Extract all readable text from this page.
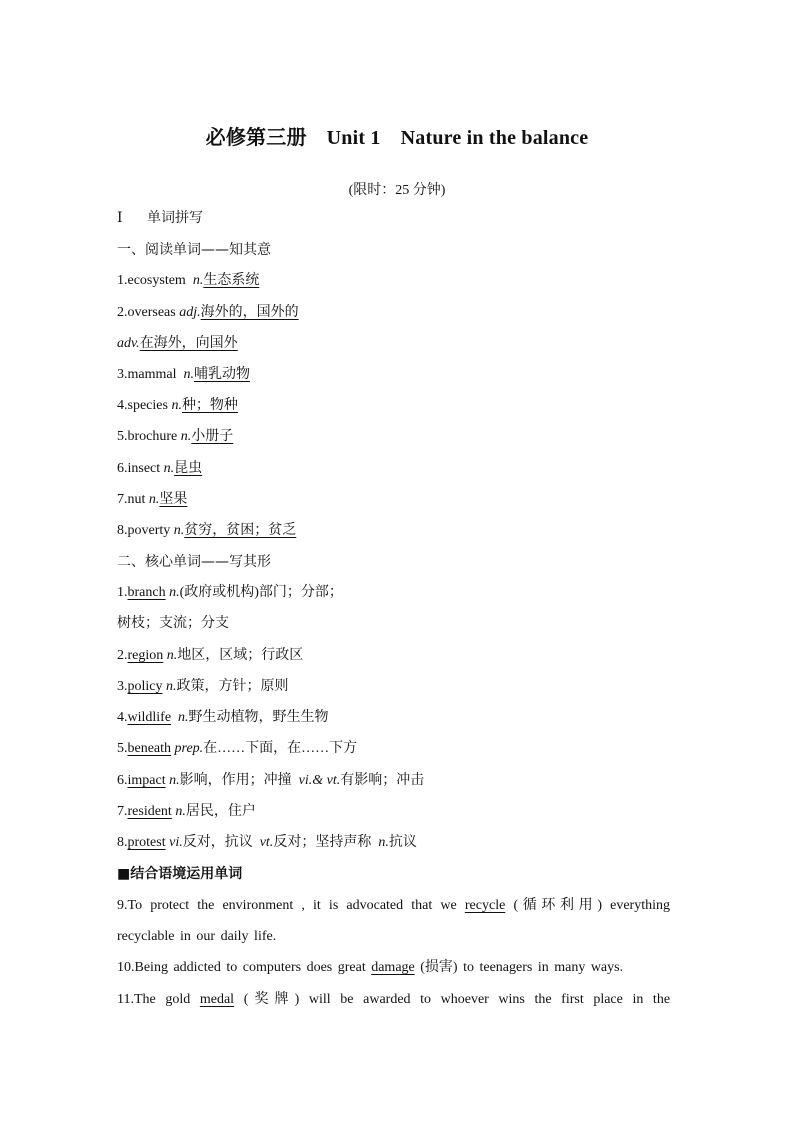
必修第三册 Unit 1 Nature in the balance
(限时：25 分钟)
Ⅰ 单词拼写
一、阅读单词——知其意
1.ecosystem n.生态系统
2.overseas adj.海外的，国外的
adv.在海外，向国外
3.mammal n.哺乳动物
4.species n.种；物种
5.brochure n.小册子
6.insect n.昆虫
7.nut n.坚果
8.poverty n.贫穷，贫困；贫乏
二、核心单词——写其形
1.branch n.(政府或机构)部门；分部；
树枝；支流；分支
2.region n.地区，区域；行政区
3.policy n.政策，方针；原则
4.wildlife n.野生动植物，野生生物
5.beneath prep.在……下面，在……下方
6.impact n.影响，作用；冲撞 vi.& vt.有影响；冲击
7.resident n.居民，住户
8.protest vi.反对，抗议 vt.反对；坚持声称 n.抗议
■结合语境运用单词
9.To protect the environment , it is advocated that we recycle (循环利用) everything
recyclable in our daily life.
10.Being addicted to computers does great damage (损害) to teenagers in many ways.
11.The gold medal (奖牌) will be awarded to whoever wins the first place in the
